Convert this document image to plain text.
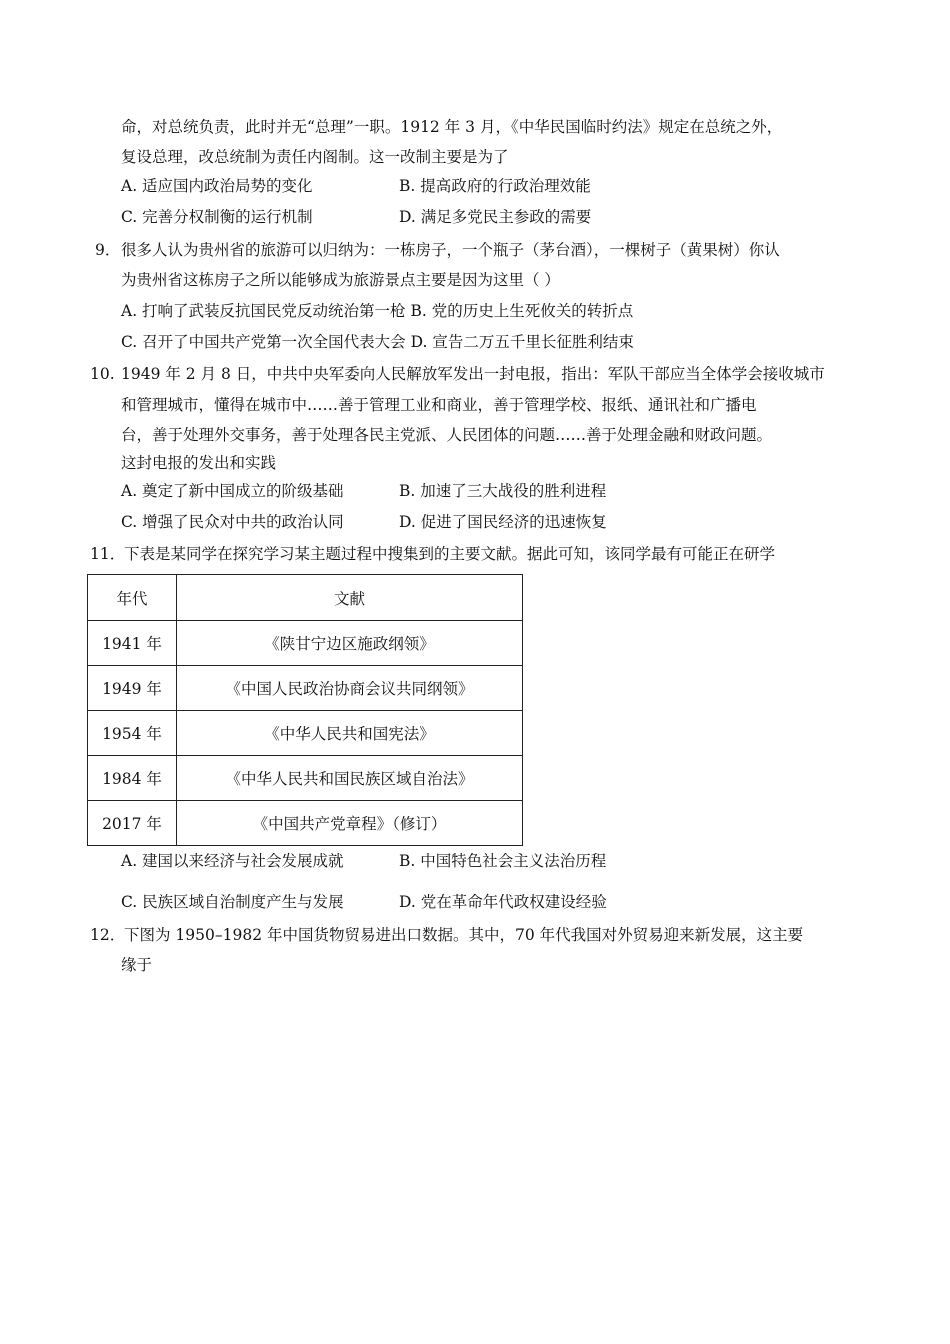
命，对总统负责，此时并无“总理”一职。1912 年 3 月，《中华民国临时约法》规定在总统之外，
复设总理，改总统制为责任内阁制。这一改制主要是为了
A. 适应国内政治局势的变化	B. 提高政府的行政治理效能
C. 完善分权制衡的运行机制	D. 满足多党民主参政的需要
9． 很多人认为贵州省的旅游可以归纳为：一栋房子，一个瓶子（茅台酒），一棵树子（黄果树）你认
为贵州省这栋房子之所以能够成为旅游景点主要是因为这里（ ）
A. 打响了武装反抗国民党反动统治第一枪 B. 党的历史上生死攸关的转折点
C. 召开了中国共产党第一次全国代表大会 D. 宣告二万五千里长征胜利结束
10. 1949 年 2 月 8 日，中共中央军委向人民解放军发出一封电报，指出：军队干部应当全体学会接收城市
和管理城市，懂得在城市中……善于管理工业和商业，善于管理学校、报纸、通讯社和广播电
台，善于处理外交事务，善于处理各民主党派、人民团体的问题……善于处理金融和财政问题。
这封电报的发出和实践
A. 奠定了新中国成立的阶级基础	B. 加速了三大战役的胜利进程
C. 增强了民众对中共的政治认同	D. 促进了国民经济的迅速恢复
11．
下表是某同学在探究学习某主题过程中搜集到的主要文献。据此可知，该同学最有可能正在研学
年代	文献
1941 年	《陕甘宁边区施政纲领》
1949 年	《中国人民政治协商会议共同纲领》
1954 年	《中华人民共和国宪法》
1984 年	《中华人民共和国民族区域自治法》
2017 年	《中国共产党章程》（修订）
A. 建国以来经济与社会发展成就	B. 中国特色社会主义法治历程
C. 民族区域自治制度产生与发展	D. 党在革命年代政权建设经验
12．
下图为 1950–1982 年中国货物贸易进出口数据。其中，70 年代我国对外贸易迎来新发展，这主要
缘于
